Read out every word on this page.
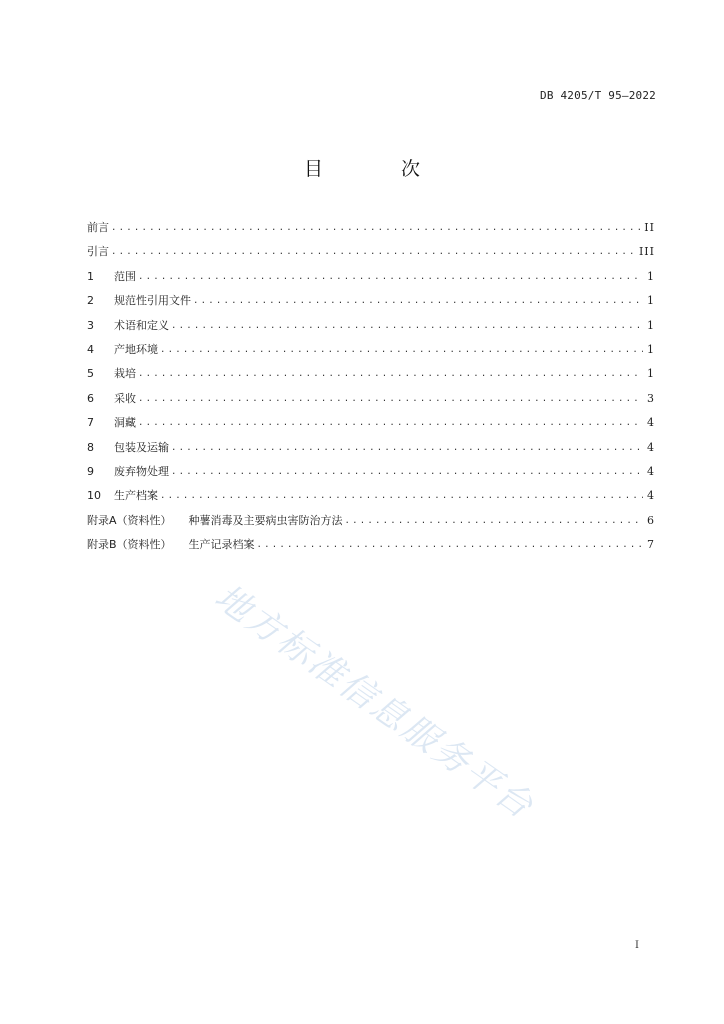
DB 4205/T 95—2022
目 次
前言 .....	II
引言 .....	III
1	范围 .....	1
2	规范性引用文件 .....	1
3	术语和定义 .....	1
4	产地环境 .....	1
5	栽培 .....	1
6	采收 .....	3
7	洞藏 .....	4
8	包装及运输 .....	4
9	废弃物处理 .....	4
10	生产档案 .....	4
附录A（资料性）	种薯消毒及主要病虫害防治方法 .....	6
附录B（资料性）	生产记录档案 .....	7
地方标准信息服务平台
I
